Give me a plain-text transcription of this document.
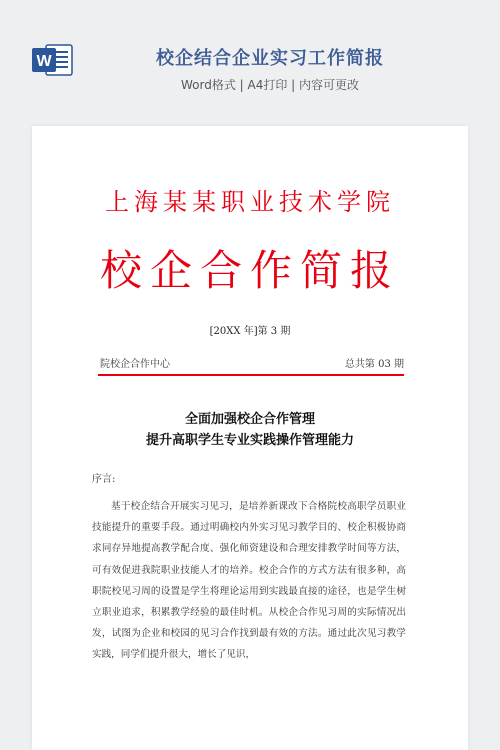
W	校企结合企业实习工作简报
Word格式 | A4打印 | 内容可更改
上海某某职业技术学院
校企合作简报
[20XX 年]第 3 期
院校企合作中心	总共第 03 期
全面加强校企合作管理
提升高职学生专业实践操作管理能力
序言:
基于校企结合开展实习见习，是培养新课改下合格院校高职学员职业技能提升的重要手段。通过明确校内外实习见习教学目的、校企积极协商求同存异地提高教学配合度、强化师资建设和合理安排教学时间等方法，可有效促进我院职业技能人才的培养。校企合作的方式方法有很多种，高职院校见习周的设置是学生将理论运用到实践最直接的途径，也是学生树立职业追求，积累教学经验的最佳时机。从校企合作见习周的实际情况出发，试图为企业和校园的见习合作找到最有效的方法。通过此次见习教学实践，同学们提升很大，增长了见识，
